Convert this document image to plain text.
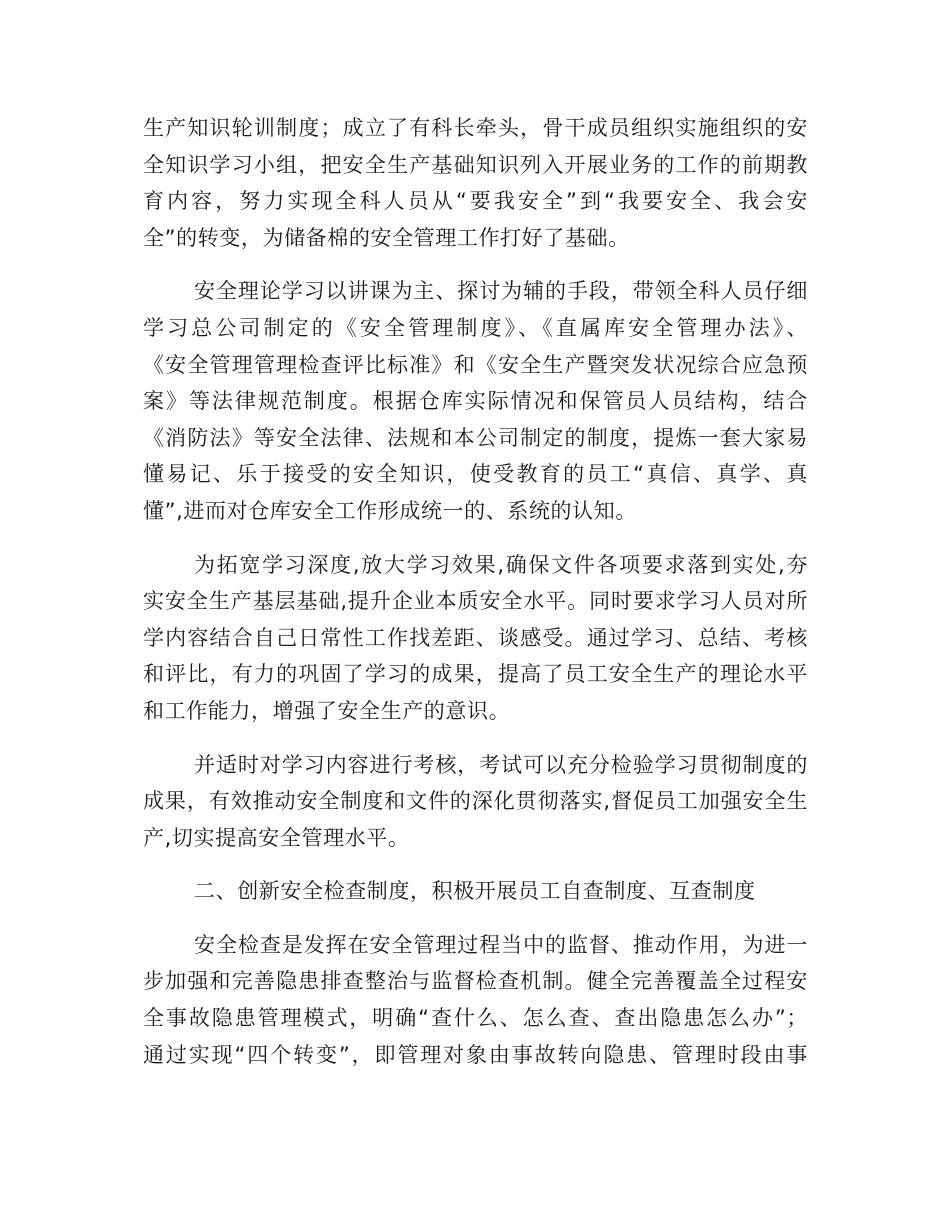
生产知识轮训制度；成立了有科长牵头，骨干成员组织实施组织的安
全知识学习小组，把安全生产基础知识列入开展业务的工作的前期教
育内容，努力实现全科人员从“要我安全”到“我要安全、我会安
全”的转变，为储备棉的安全管理工作打好了基础。
安全理论学习以讲课为主、探讨为辅的手段，带领全科人员仔细
学习总公司制定的《安全管理制度》、《直属库安全管理办法》、
《安全管理管理检查评比标准》和《安全生产暨突发状况综合应急预
案》等法律规范制度。根据仓库实际情况和保管员人员结构，结合
《消防法》等安全法律、法规和本公司制定的制度，提炼一套大家易
懂易记、乐于接受的安全知识，使受教育的员工“真信、真学、真
懂”,进而对仓库安全工作形成统一的、系统的认知。
为拓宽学习深度,放大学习效果,确保文件各项要求落到实处,夯
实安全生产基层基础,提升企业本质安全水平。同时要求学习人员对所
学内容结合自己日常性工作找差距、谈感受。通过学习、总结、考核
和评比，有力的巩固了学习的成果，提高了员工安全生产的理论水平
和工作能力，增强了安全生产的意识。
并适时对学习内容进行考核，考试可以充分检验学习贯彻制度的
成果，有效推动安全制度和文件的深化贯彻落实,督促员工加强安全生
产,切实提高安全管理水平。
二、创新安全检查制度，积极开展员工自查制度、互查制度
安全检查是发挥在安全管理过程当中的监督、推动作用，为进一
步加强和完善隐患排查整治与监督检查机制。健全完善覆盖全过程安
全事故隐患管理模式，明确“查什么、怎么查、查出隐患怎么办”；
通过实现“四个转变”，即管理对象由事故转向隐患、管理时段由事
